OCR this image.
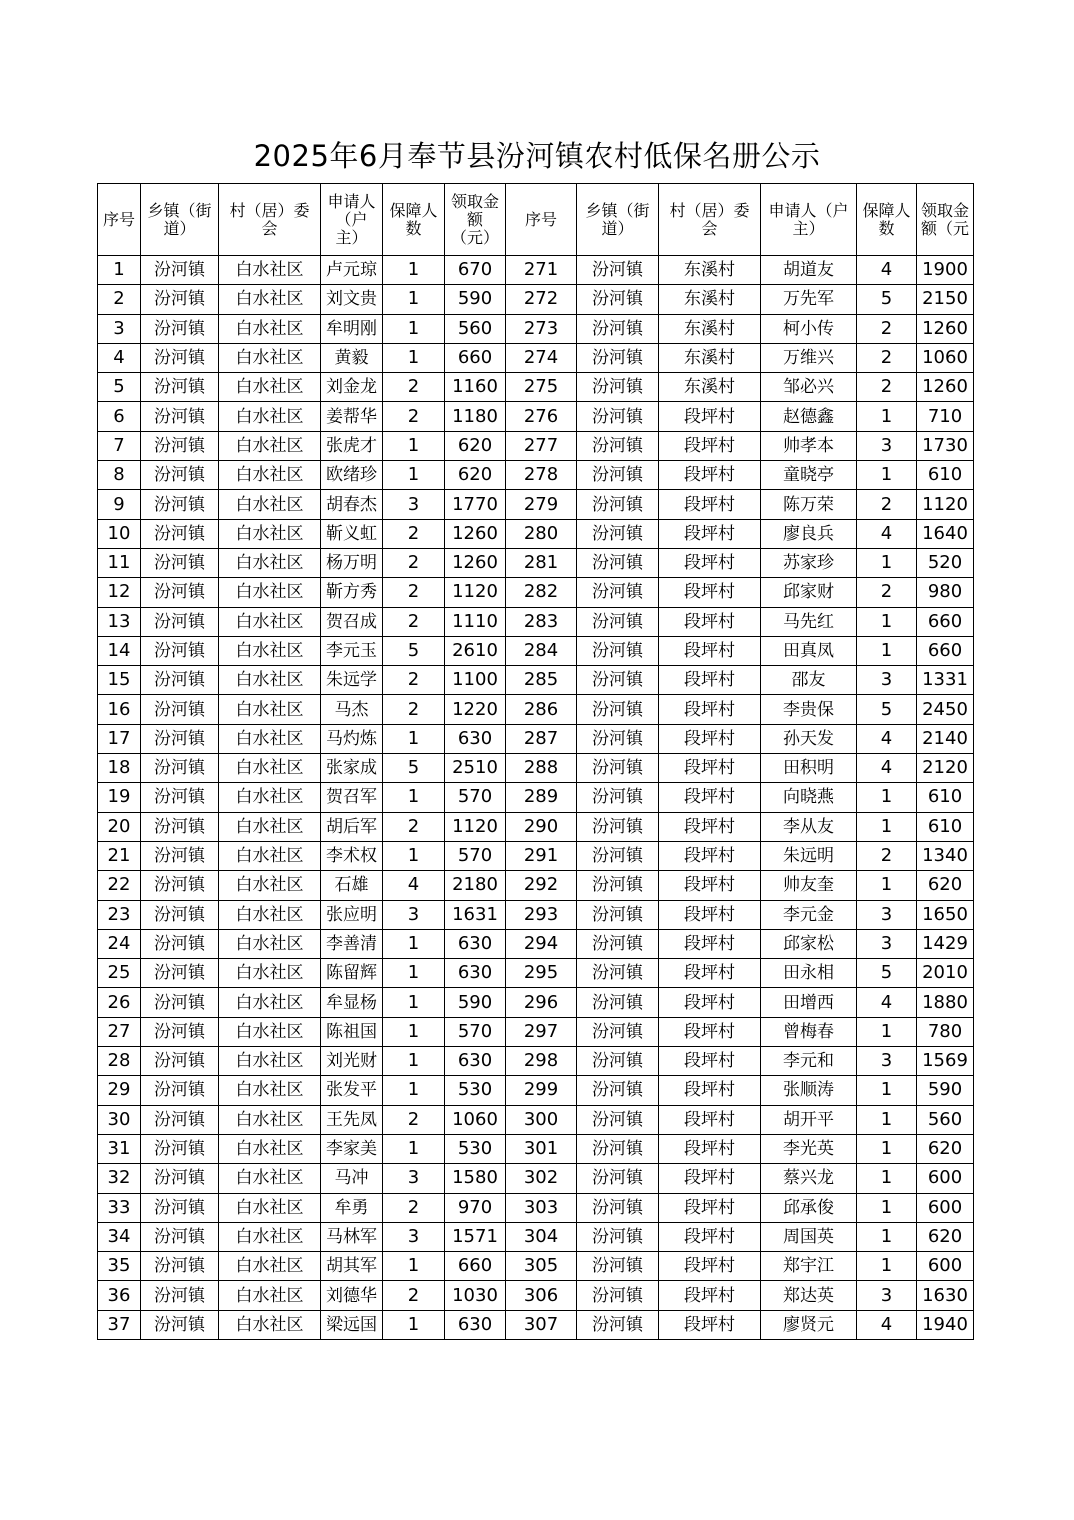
2025年6月奉节县汾河镇农村低保名册公示
序号	乡镇（街道）	村（居）委会	申请人（户主）	保障人数	领取金额（元）	序号	乡镇（街道）	村（居）委会	申请人（户主）	保障人数	领取金额（元
1	汾河镇	白水社区	卢元琼	1	670	271	汾河镇	东溪村	胡道友	4	1900
2	汾河镇	白水社区	刘文贵	1	590	272	汾河镇	东溪村	万先军	5	2150
3	汾河镇	白水社区	牟明刚	1	560	273	汾河镇	东溪村	柯小传	2	1260
4	汾河镇	白水社区	黄毅	1	660	274	汾河镇	东溪村	万维兴	2	1060
5	汾河镇	白水社区	刘金龙	2	1160	275	汾河镇	东溪村	邹必兴	2	1260
6	汾河镇	白水社区	姜帮华	2	1180	276	汾河镇	段坪村	赵德鑫	1	710
7	汾河镇	白水社区	张虎才	1	620	277	汾河镇	段坪村	帅孝本	3	1730
8	汾河镇	白水社区	欧绪珍	1	620	278	汾河镇	段坪村	童晓亭	1	610
9	汾河镇	白水社区	胡春杰	3	1770	279	汾河镇	段坪村	陈万荣	2	1120
10	汾河镇	白水社区	靳义虹	2	1260	280	汾河镇	段坪村	廖良兵	4	1640
11	汾河镇	白水社区	杨万明	2	1260	281	汾河镇	段坪村	苏家珍	1	520
12	汾河镇	白水社区	靳方秀	2	1120	282	汾河镇	段坪村	邱家财	2	980
13	汾河镇	白水社区	贺召成	2	1110	283	汾河镇	段坪村	马先红	1	660
14	汾河镇	白水社区	李元玉	5	2610	284	汾河镇	段坪村	田真凤	1	660
15	汾河镇	白水社区	朱远学	2	1100	285	汾河镇	段坪村	邵友	3	1331
16	汾河镇	白水社区	马杰	2	1220	286	汾河镇	段坪村	李贵保	5	2450
17	汾河镇	白水社区	马灼炼	1	630	287	汾河镇	段坪村	孙天发	4	2140
18	汾河镇	白水社区	张家成	5	2510	288	汾河镇	段坪村	田积明	4	2120
19	汾河镇	白水社区	贺召军	1	570	289	汾河镇	段坪村	向晓燕	1	610
20	汾河镇	白水社区	胡后军	2	1120	290	汾河镇	段坪村	李从友	1	610
21	汾河镇	白水社区	李术权	1	570	291	汾河镇	段坪村	朱远明	2	1340
22	汾河镇	白水社区	石雄	4	2180	292	汾河镇	段坪村	帅友奎	1	620
23	汾河镇	白水社区	张应明	3	1631	293	汾河镇	段坪村	李元金	3	1650
24	汾河镇	白水社区	李善清	1	630	294	汾河镇	段坪村	邱家松	3	1429
25	汾河镇	白水社区	陈留辉	1	630	295	汾河镇	段坪村	田永相	5	2010
26	汾河镇	白水社区	牟显杨	1	590	296	汾河镇	段坪村	田增西	4	1880
27	汾河镇	白水社区	陈祖国	1	570	297	汾河镇	段坪村	曾梅春	1	780
28	汾河镇	白水社区	刘光财	1	630	298	汾河镇	段坪村	李元和	3	1569
29	汾河镇	白水社区	张发平	1	530	299	汾河镇	段坪村	张顺涛	1	590
30	汾河镇	白水社区	王先凤	2	1060	300	汾河镇	段坪村	胡开平	1	560
31	汾河镇	白水社区	李家美	1	530	301	汾河镇	段坪村	李光英	1	620
32	汾河镇	白水社区	马冲	3	1580	302	汾河镇	段坪村	蔡兴龙	1	600
33	汾河镇	白水社区	牟勇	2	970	303	汾河镇	段坪村	邱承俊	1	600
34	汾河镇	白水社区	马林军	3	1571	304	汾河镇	段坪村	周国英	1	620
35	汾河镇	白水社区	胡其军	1	660	305	汾河镇	段坪村	郑宇江	1	600
36	汾河镇	白水社区	刘德华	2	1030	306	汾河镇	段坪村	郑达英	3	1630
37	汾河镇	白水社区	梁远国	1	630	307	汾河镇	段坪村	廖贤元	4	1940
